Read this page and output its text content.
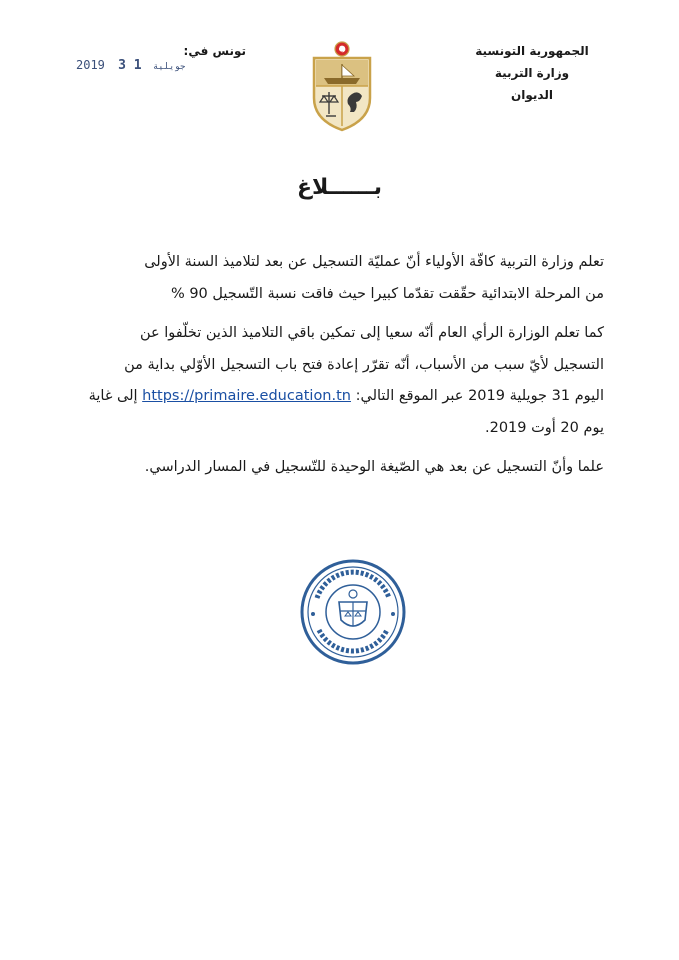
الجمهورية التونسية
وزارة التربية
الديوان
تونس في:
2019 3 1 جويلية
بــــــلاغ

تعلم وزارة التربية كافّة الأولياء أنّ عمليّة التسجيل عن بعد لتلاميذ السنة الأولى

من المرحلة الابتدائية حقّقت تقدّما كبيرا حيث فاقت نسبة التّسجيل 90 %

كما تعلم الوزارة الرأي العام أنّه سعيا إلى تمكين باقي التلاميذ الذين تخلّفوا عن

التسجيل لأيّ سبب من الأسباب، أنّه تقرّر إعادة فتح باب التسجيل الأوّلي بداية من

اليوم 31 جويلية 2019 عبر الموقع التالي: https://primaire.education.tn إلى غاية

يوم 20 أوت 2019.

علما وأنّ التسجيل عن بعد هي الصّيغة الوحيدة للتّسجيل في المسار الدراسي.
